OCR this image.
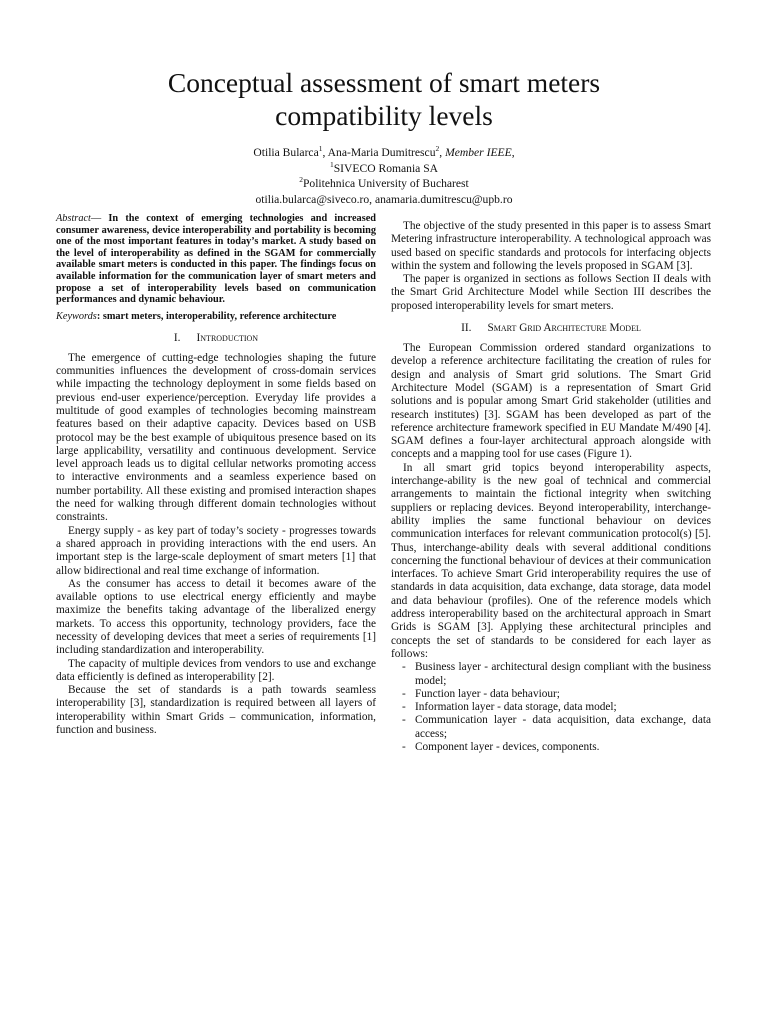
Conceptual assessment of smart meters
compatibility levels
Otilia Bularca$^1$, Ana-Maria Dumitrescu$^2$, Member IEEE,
$^1$SIVECO Romania SA
$^2$Politehnica University of Bucharest
otilia.bularca@siveco.ro, anamaria.dumitrescu@upb.ro

Abstract— In the context of emerging technologies and increased consumer awareness, device interoperability and portability is becoming one of the most important features in today’s market. A study based on the level of interoperability as defined in the SGAM for commercially available smart meters is conducted in this paper. The findings focus on available information for the communication layer of smart meters and propose a set of interoperability levels based on communication performances and dynamic behaviour.

Keywords: smart meters, interoperability, reference architecture

I. Introduction

The emergence of cutting-edge technologies shaping the future communities influences the development of cross-domain services while impacting the technology deployment in some fields based on previous end-user experience/perception. Everyday life provides a multitude of good examples of technologies becoming mainstream features based on their adaptive capacity. Devices based on USB protocol may be the best example of ubiquitous presence based on its large applicability, versatility and continuous development. Service level approach leads us to digital cellular networks promoting access to interactive environments and a seamless experience based on number portability. All these existing and promised interaction shapes the need for walking through different domain technologies without constraints.

Energy supply - as key part of today’s society - progresses towards a shared approach in providing interactions with the end users. An important step is the large-scale deployment of smart meters [1] that allow bidirectional and real time exchange of information.

As the consumer has access to detail it becomes aware of the available options to use electrical energy efficiently and maybe maximize the benefits taking advantage of the liberalized energy markets. To access this opportunity, technology providers, face the necessity of developing devices that meet a series of requirements [1] including standardization and interoperability.

The capacity of multiple devices from vendors to use and exchange data efficiently is defined as interoperability [2].

Because the set of standards is a path towards seamless interoperability [3], standardization is required between all layers of interoperability within Smart Grids – communication, information, function and business.

The objective of the study presented in this paper is to assess Smart Metering infrastructure interoperability. A technological approach was used based on specific standards and protocols for interfacing objects within the system and following the levels proposed in SGAM [3].

The paper is organized in sections as follows Section II deals with the Smart Grid Architecture Model while Section III describes the proposed interoperability levels for smart meters.

II. Smart Grid Architecture Model

The European Commission ordered standard organizations to develop a reference architecture facilitating the creation of rules for design and analysis of Smart grid solutions. The Smart Grid Architecture Model (SGAM) is a representation of Smart Grid solutions and is popular among Smart Grid stakeholder (utilities and research institutes) [3]. SGAM has been developed as part of the reference architecture framework specified in EU Mandate M/490 [4]. SGAM defines a four-layer architectural approach alongside with concepts and a mapping tool for use cases (Figure 1).

In all smart grid topics beyond interoperability aspects, interchange-ability is the new goal of technical and commercial arrangements to maintain the fictional integrity when switching suppliers or replacing devices. Beyond interoperability, interchange-ability implies the same functional behaviour on devices communication interfaces for relevant communication protocol(s) [5]. Thus, interchange-ability deals with several additional conditions concerning the functional behaviour of devices at their communication interfaces. To achieve Smart Grid interoperability requires the use of standards in data acquisition, data exchange, data storage, data model and data behaviour (profiles). One of the reference models which address interoperability based on the architectural approach in Smart Grids is SGAM [3]. Applying these architectural principles and concepts the set of standards to be considered for each layer as follows:

- Business layer - architectural design compliant with the business model;
- Function layer - data behaviour;
- Information layer - data storage, data model;
- Communication layer - data acquisition, data exchange, data access;
- Component layer - devices, components.
